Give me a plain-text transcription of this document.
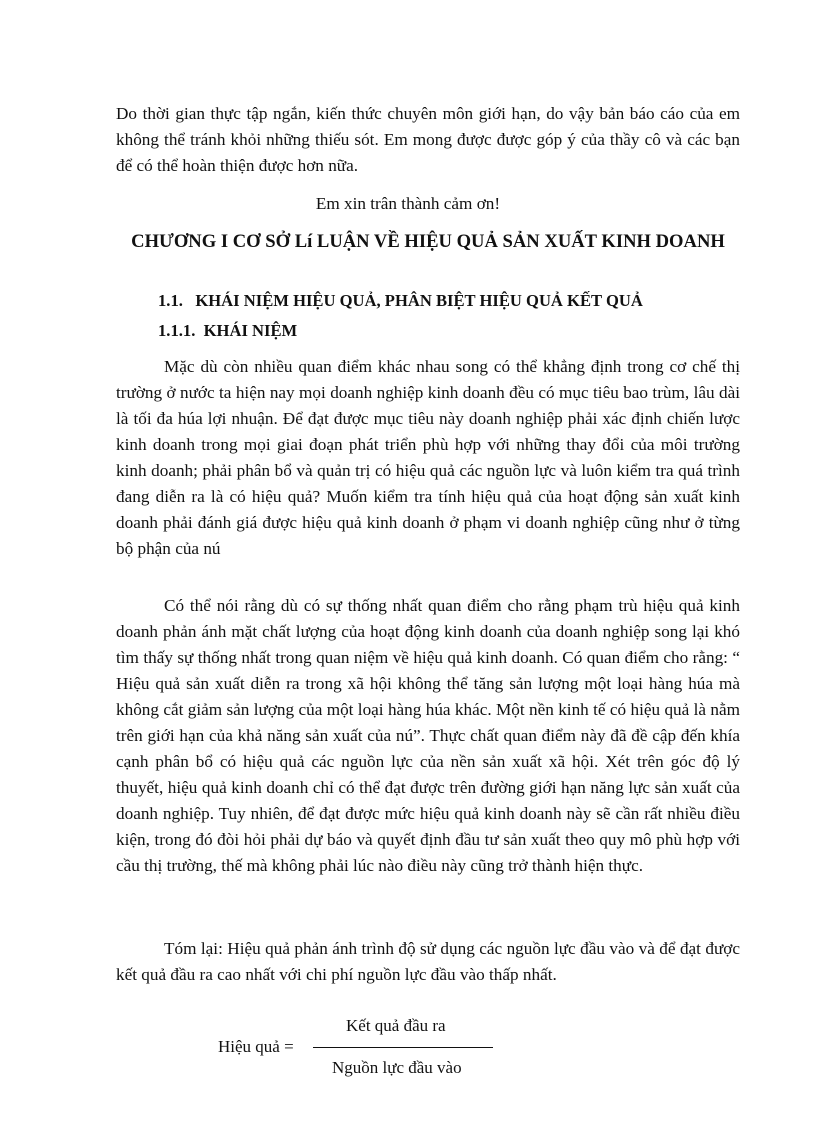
Do thời gian thực tập ngắn, kiến thức chuyên môn giới hạn, do vậy bản báo cáo của em không thể tránh khỏi những thiếu sót. Em mong được được góp ý của thầy cô và các bạn để có thể hoàn thiện được hơn nữa.

Em xin trân thành cảm ơn!

CHƯƠNG I CƠ SỞ Lí LUẬN VỀ HIỆU QUẢ SẢN XUẤT KINH DOANH
1.1. KHÁI NIỆM HIỆU QUẢ, PHÂN BIỆT HIỆU QUẢ KẾT QUẢ
1.1.1. KHÁI NIỆM

Mặc dù còn nhiều quan điểm khác nhau song có thể khẳng định trong cơ chế thị trường ở nước ta hiện nay mọi doanh nghiệp kinh doanh đều có mục tiêu bao trùm, lâu dài là tối đa húa lợi nhuận. Để đạt được mục tiêu này doanh nghiệp phải xác định chiến lược kinh doanh trong mọi giai đoạn phát triển phù hợp với những thay đổi của môi trường kinh doanh; phải phân bổ và quản trị có hiệu quả các nguồn lực và luôn kiểm tra quá trình đang diễn ra là có hiệu quả? Muốn kiểm tra tính hiệu quả của hoạt động sản xuất kinh doanh phải đánh giá được hiệu quả kinh doanh ở phạm vi doanh nghiệp cũng như ở từng bộ phận của nú

Có thể nói rằng dù có sự thống nhất quan điểm cho rằng phạm trù hiệu quả kinh doanh phản ánh mặt chất lượng của hoạt động kinh doanh của doanh nghiệp song lại khó tìm thấy sự thống nhất trong quan niệm về hiệu quả kinh doanh. Có quan điểm cho rằng: “ Hiệu quả sản xuất diễn ra trong xã hội không thể tăng sản lượng một loại hàng húa mà không cắt giảm sản lượng của một loại hàng húa khác. Một nền kinh tế có hiệu quả là nằm trên giới hạn của khả năng sản xuất của nú”. Thực chất quan điểm này đã đề cập đến khía cạnh phân bổ có hiệu quả các nguồn lực của nền sản xuất xã hội. Xét trên góc độ lý thuyết, hiệu quả kinh doanh chỉ có thể đạt được trên đường giới hạn năng lực sản xuất của doanh nghiệp. Tuy nhiên, để đạt được mức hiệu quả kinh doanh này sẽ cần rất nhiều điều kiện, trong đó đòi hỏi phải dự báo và quyết định đầu tư sản xuất theo quy mô phù hợp với cầu thị trường, thế mà không phải lúc nào điều này cũng trở thành hiện thực.

Tóm lại: Hiệu quả phản ánh trình độ sử dụng các nguồn lực đầu vào và để đạt được kết quả đầu ra cao nhất với chi phí nguồn lực đầu vào thấp nhất.

Hiệu quả =
Kết quả đầu ra
Nguồn lực đầu vào
